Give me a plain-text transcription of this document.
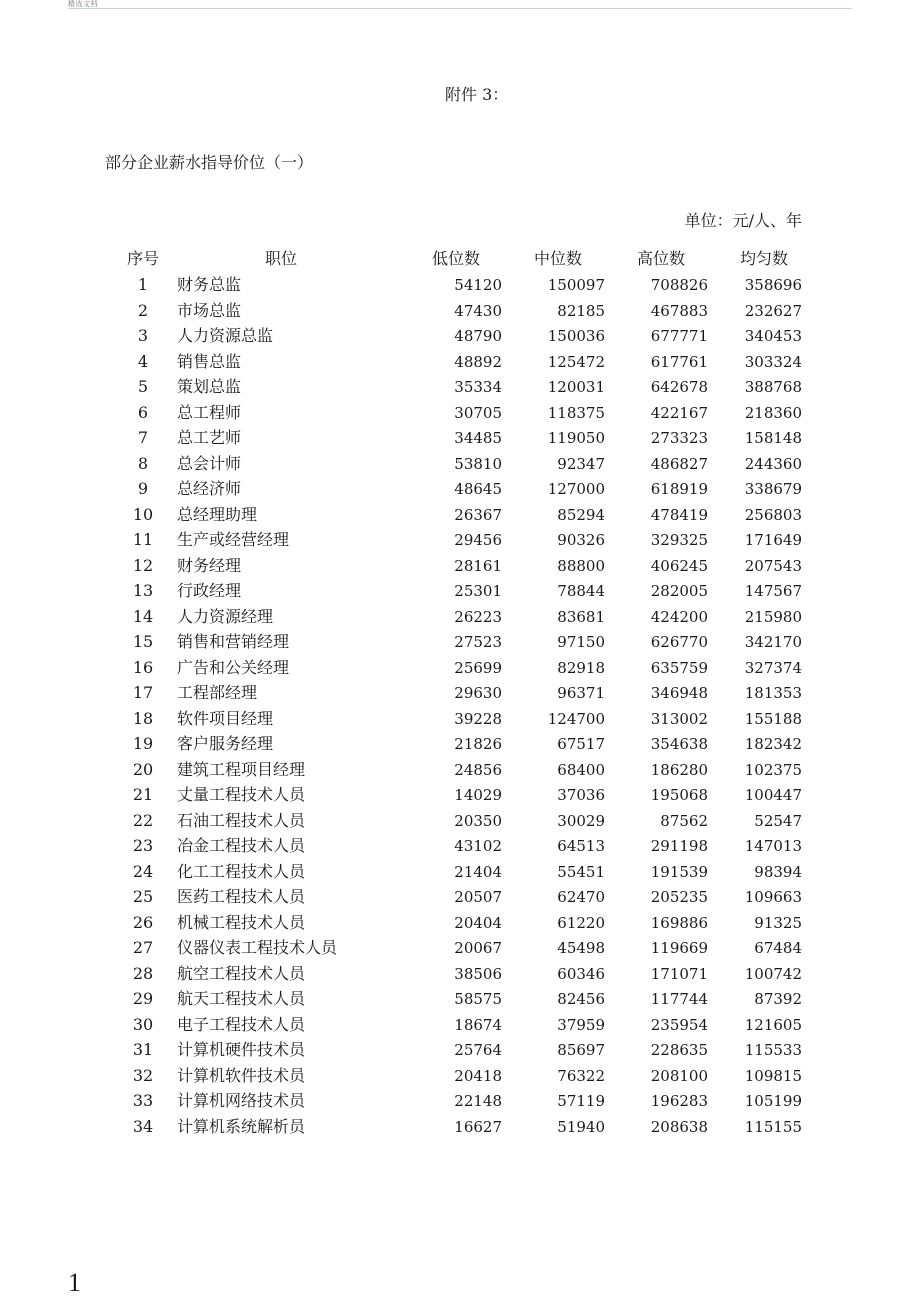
精选文档
附件 3：
部分企业薪水指导价位（一）
单位：元/人、年
序号	职位	低位数	中位数	高位数	均匀数
1	财务总监	54120	150097	708826	358696
2	市场总监	47430	82185	467883	232627
3	人力资源总监	48790	150036	677771	340453
4	销售总监	48892	125472	617761	303324
5	策划总监	35334	120031	642678	388768
6	总工程师	30705	118375	422167	218360
7	总工艺师	34485	119050	273323	158148
8	总会计师	53810	92347	486827	244360
9	总经济师	48645	127000	618919	338679
10	总经理助理	26367	85294	478419	256803
11	生产或经营经理	29456	90326	329325	171649
12	财务经理	28161	88800	406245	207543
13	行政经理	25301	78844	282005	147567
14	人力资源经理	26223	83681	424200	215980
15	销售和营销经理	27523	97150	626770	342170
16	广告和公关经理	25699	82918	635759	327374
17	工程部经理	29630	96371	346948	181353
18	软件项目经理	39228	124700	313002	155188
19	客户服务经理	21826	67517	354638	182342
20	建筑工程项目经理	24856	68400	186280	102375
21	丈量工程技术人员	14029	37036	195068	100447
22	石油工程技术人员	20350	30029	87562	52547
23	冶金工程技术人员	43102	64513	291198	147013
24	化工工程技术人员	21404	55451	191539	98394
25	医药工程技术人员	20507	62470	205235	109663
26	机械工程技术人员	20404	61220	169886	91325
27	仪器仪表工程技术人员	20067	45498	119669	67484
28	航空工程技术人员	38506	60346	171071	100742
29	航天工程技术人员	58575	82456	117744	87392
30	电子工程技术人员	18674	37959	235954	121605
31	计算机硬件技术员	25764	85697	228635	115533
32	计算机软件技术员	20418	76322	208100	109815
33	计算机网络技术员	22148	57119	196283	105199
34	计算机系统解析员	16627	51940	208638	115155
1
